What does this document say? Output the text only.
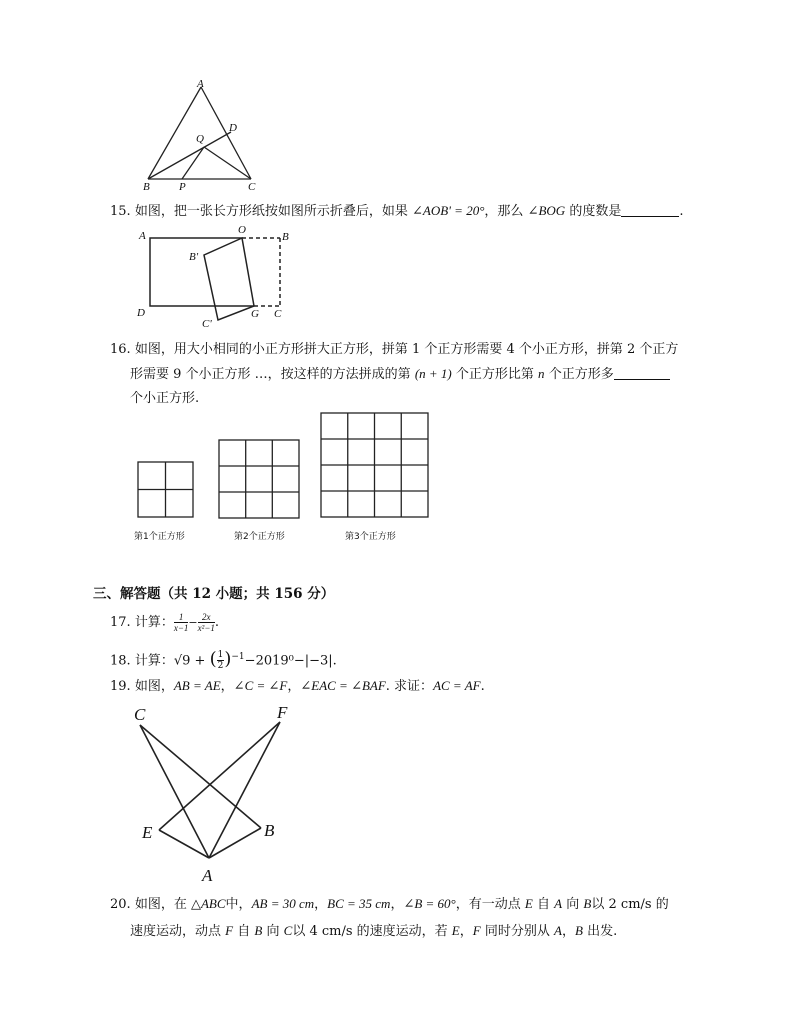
A
Q
D
B	P	C
15. 如图，把一张长方形纸按如图所示折叠后，如果 ∠AOB' = 20°，那么 ∠BOG 的度数是	.
A	O
B
B'
D
C'
G C
16. 如图，用大小相同的小正方形拼大正方形，拼第 1 个正方形需要 4 个小正方形，拼第 2 个正方
形需要 9 个小正方形 …，按这样的方法拼成的第 (n + 1) 个正方形比第 n 个正方形多
个小正方形.
第1个正方形	第2个正方形	第3个正方形
三、解答题（共 12 小题；共 156 分）
17. 计算： $\frac{1}{x-1} - \frac{2x}{\text{x²−1}}$ .
18. 计算：√9 + ( $\frac{1}{2} )^{-1}-2019^0-|-3|$.
19. 如图，AB = AE，∠C = ∠F，∠EAC = ∠BAF. 求证：AC = AF.
C	F
E	B
A
20. 如图，在 △ABC中，AB = 30 cm，BC = 35 cm，∠B = 60°，有一动点 E 自 A 向 B以 2 cm/s 的
速度运动，动点 F 自 B 向 C以 4 cm/s 的速度运动，若 E，F 同时分别从 A，B 出发.
